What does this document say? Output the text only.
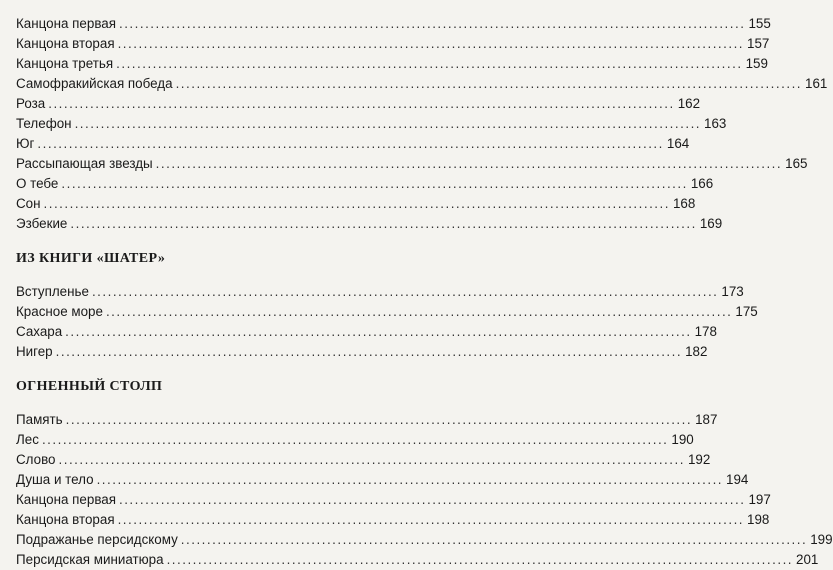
Канцона первая ........................................................................................................................ 155
Канцона вторая ........................................................................................................................ 157
Канцона третья ........................................................................................................................ 159
Самофракийская победа ........................................................................................................................ 161
Роза ........................................................................................................................ 162
Телефон ........................................................................................................................ 163
Юг ........................................................................................................................ 164
Рассыпающая звезды ........................................................................................................................ 165
О тебе ........................................................................................................................ 166
Сон ........................................................................................................................ 168
Эзбекие ........................................................................................................................ 169
ИЗ КНИГИ «ШАТЕР»
Вступленье ........................................................................................................................ 173
Красное море ........................................................................................................................ 175
Сахара ........................................................................................................................ 178
Нигер ........................................................................................................................ 182
ОГНЕННЫЙ СТОЛП
Память ........................................................................................................................ 187
Лес ........................................................................................................................ 190
Слово ........................................................................................................................ 192
Душа и тело ........................................................................................................................ 194
Канцона первая ........................................................................................................................ 197
Канцона вторая ........................................................................................................................ 198
Подражанье персидскому ........................................................................................................................ 199
Персидская миниатюра ........................................................................................................................ 201
